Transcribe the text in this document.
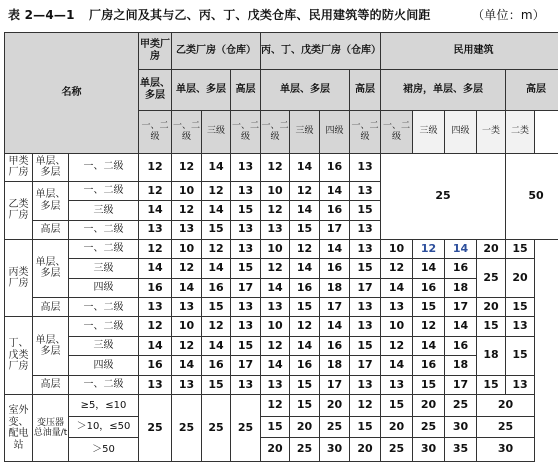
表 2—4—1 厂房之间及其与乙、丙、丁、戊类仓库、民用建筑等的防火间距	（单位：m）
名称			甲类厂房	乙类厂房（仓库）			丙、丁、戊类厂房（仓库）				民用建筑				
			单层、多层	单层、多层		高层	单层、多层			高层	裙房，单层、多层				高层
			一、二级	一、二级	三级	一、二级	一、二级	三级	四级	一、二级	一、二级	三级	四级	一类	二类
甲类厂房	单层、多层	一、二级	12	12	14	13	12	14	16	13	25				50
乙类厂房	单层、多层	一、二级	12	10	12	13	10	12	14	13					
		三级	14	12	14	15	12	14	16	15					
	高层	一、二级	13	13	15	13	13	15	17	13					
丙类厂房	单层、多层	一、二级	12	10	12	13	10	12	14	13	10	12	14	20	15
		三级	14	12	14	15	12	14	16	15	12	14	16	25	20
		四级	16	14	16	17	14	16	18	17	14	16	18		
	高层	一、二级	13	13	15	13	13	15	17	13	13	15	17	20	15
丁、戊类厂房	单层、多层	一、二级	12	10	12	13	10	12	14	13	10	12	14	15	13
		三级	14	12	14	15	12	14	16	15	12	14	16	18	15
		四级	16	14	16	17	14	16	18	17	14	16	18		
	高层	一、二级	13	13	15	13	13	15	17	13	13	15	17	15	13
室外变、配电站	变压器总油量/t	≥5，≤10	25	25	25	25	12	15	20	12	15	20	25	20	
		＞10，≤50					15	20	25	15	20	25	30	25	
		＞50					20	25	30	20	25	30	35	30	
